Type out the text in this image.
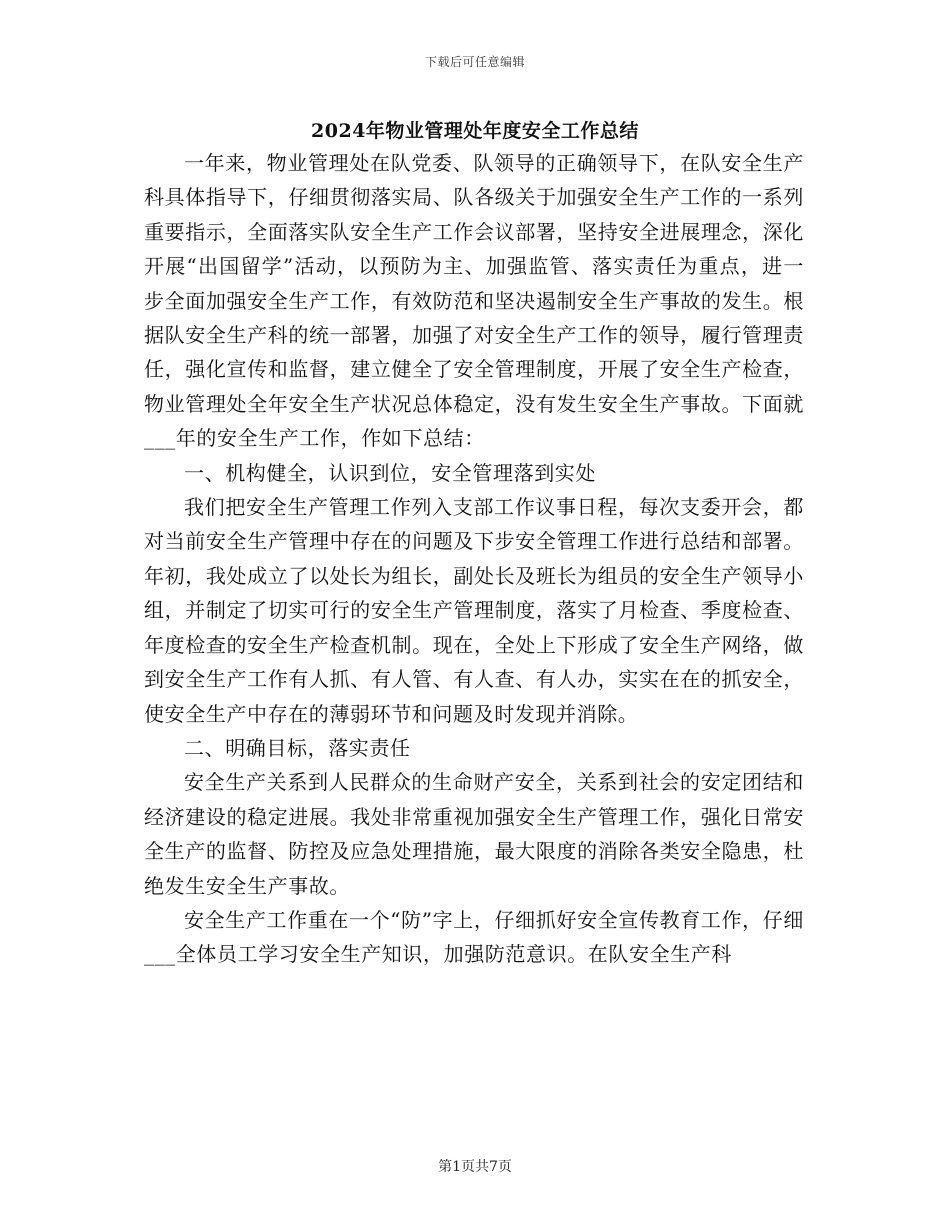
下载后可任意编辑
2024年物业管理处年度安全工作总结

一年来，物业管理处在队党委、队领导的正确领导下，在队安全生产科具体指导下，仔细贯彻落实局、队各级关于加强安全生产工作的一系列重要指示，全面落实队安全生产工作会议部署，坚持安全进展理念，深化开展“出国留学”活动，以预防为主、加强监管、落实责任为重点，进一步全面加强安全生产工作，有效防范和坚决遏制安全生产事故的发生。根据队安全生产科的统一部署，加强了对安全生产工作的领导，履行管理责任，强化宣传和监督，建立健全了安全管理制度，开展了安全生产检查，物业管理处全年安全生产状况总体稳定，没有发生安全生产事故。下面就___年的安全生产工作，作如下总结：

一、机构健全，认识到位，安全管理落到实处

我们把安全生产管理工作列入支部工作议事日程，每次支委开会，都对当前安全生产管理中存在的问题及下步安全管理工作进行总结和部署。年初，我处成立了以处长为组长，副处长及班长为组员的安全生产领导小组，并制定了切实可行的安全生产管理制度，落实了月检查、季度检查、年度检查的安全生产检查机制。现在，全处上下形成了安全生产网络，做到安全生产工作有人抓、有人管、有人查、有人办，实实在在的抓安全，使安全生产中存在的薄弱环节和问题及时发现并消除。

二、明确目标，落实责任

安全生产关系到人民群众的生命财产安全，关系到社会的安定团结和经济建设的稳定进展。我处非常重视加强安全生产管理工作，强化日常安全生产的监督、防控及应急处理措施，最大限度的消除各类安全隐患，杜绝发生安全生产事故。

安全生产工作重在一个“防”字上，仔细抓好安全宣传教育工作，仔细___全体员工学习安全生产知识，加强防范意识。在队安全生产科

第1页共7页
